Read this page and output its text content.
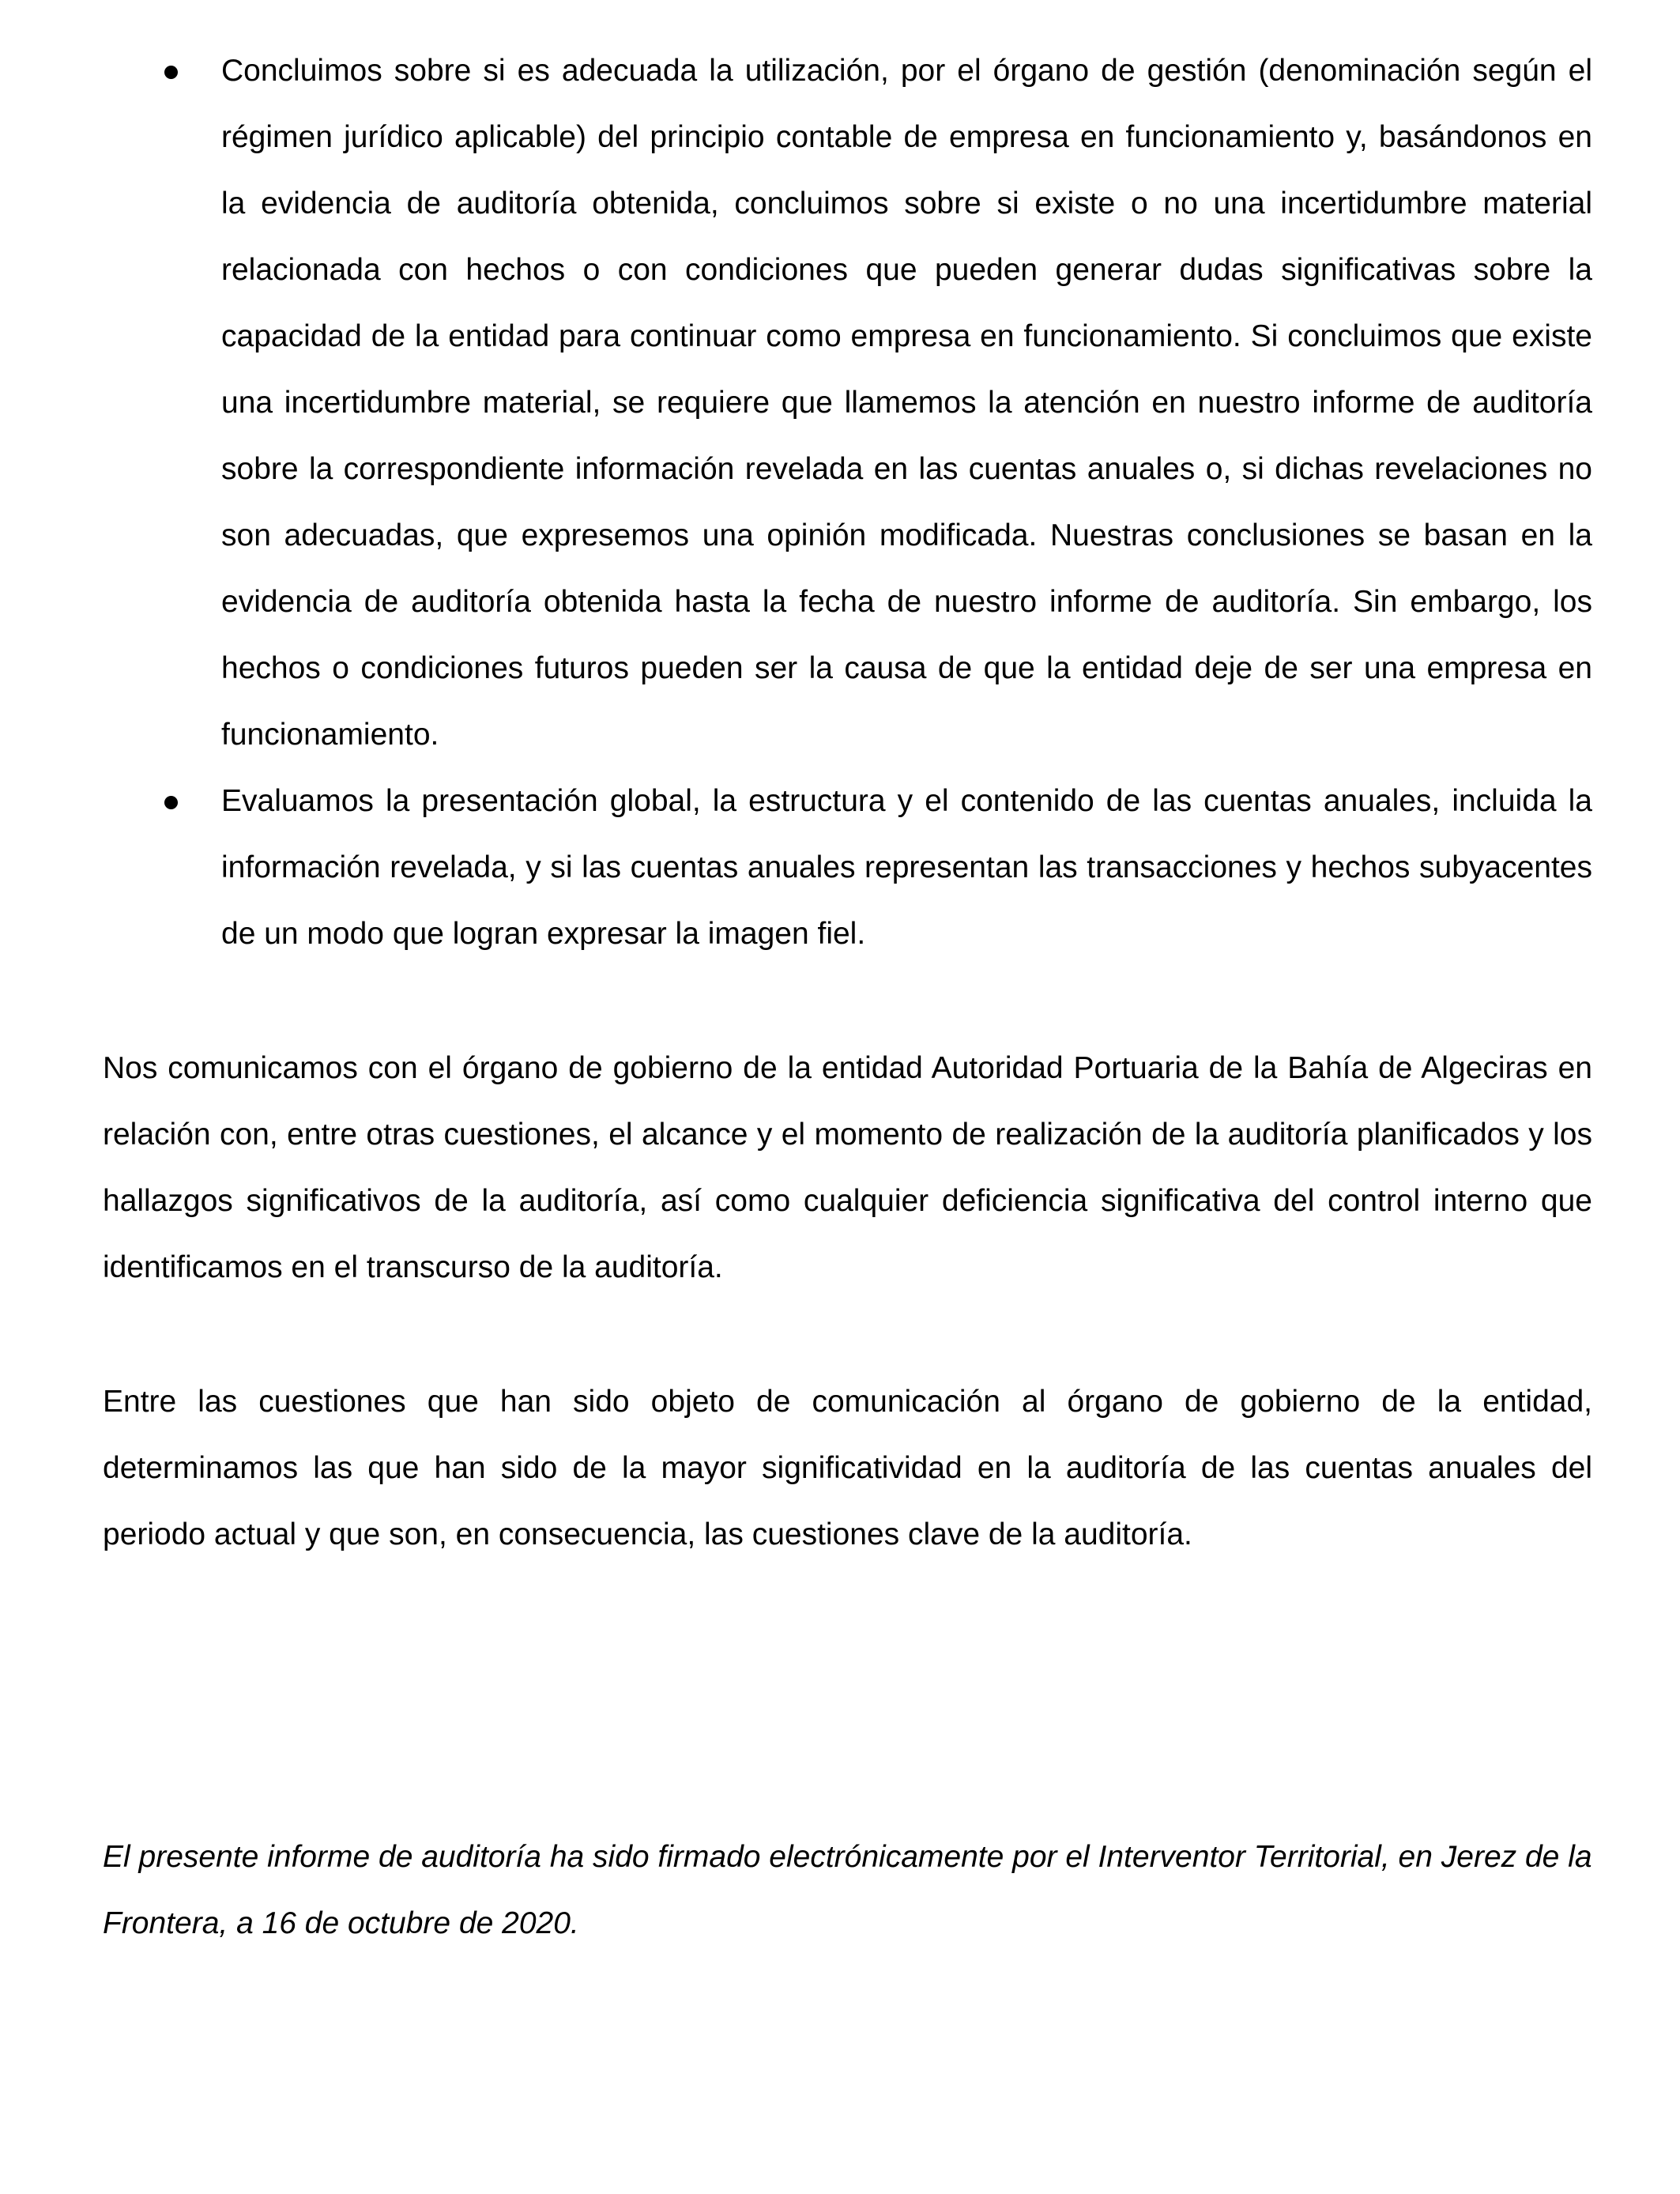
Concluimos sobre si es adecuada la utilización, por el órgano de gestión (denominación según el régimen jurídico aplicable) del principio contable de empresa en funcionamiento y, basándonos en la evidencia de auditoría obtenida, concluimos sobre si existe o no una incertidumbre material relacionada con hechos o con condiciones que pueden generar dudas significativas sobre la capacidad de la entidad para continuar como empresa en funcionamiento. Si concluimos que existe una incertidumbre material, se requiere que llamemos la atención en nuestro informe de auditoría sobre la correspondiente información revelada en las cuentas anuales o, si dichas revelaciones no son adecuadas, que expresemos una opinión modificada. Nuestras conclusiones se basan en la evidencia de auditoría obtenida hasta la fecha de nuestro informe de auditoría. Sin embargo, los hechos o condiciones futuros pueden ser la causa de que la entidad deje de ser una empresa en funcionamiento.
Evaluamos la presentación global, la estructura y el contenido de las cuentas anuales, incluida la información revelada, y si las cuentas anuales representan las transacciones y hechos subyacentes de un modo que logran expresar la imagen fiel.

Nos comunicamos con el órgano de gobierno de la entidad Autoridad Portuaria de la Bahía de Algeciras en relación con, entre otras cuestiones, el alcance y el momento de realización de la auditoría planificados y los hallazgos significativos de la auditoría, así como cualquier deficiencia significativa del control interno que identificamos en el transcurso de la auditoría.

Entre las cuestiones que han sido objeto de comunicación al órgano de gobierno de la entidad, determinamos las que han sido de la mayor significatividad en la auditoría de las cuentas anuales del periodo actual y que son, en consecuencia, las cuestiones clave de la auditoría.

El presente informe de auditoría ha sido firmado electrónicamente por el Interventor Territorial, en Jerez de la Frontera, a 16 de octubre de 2020.
